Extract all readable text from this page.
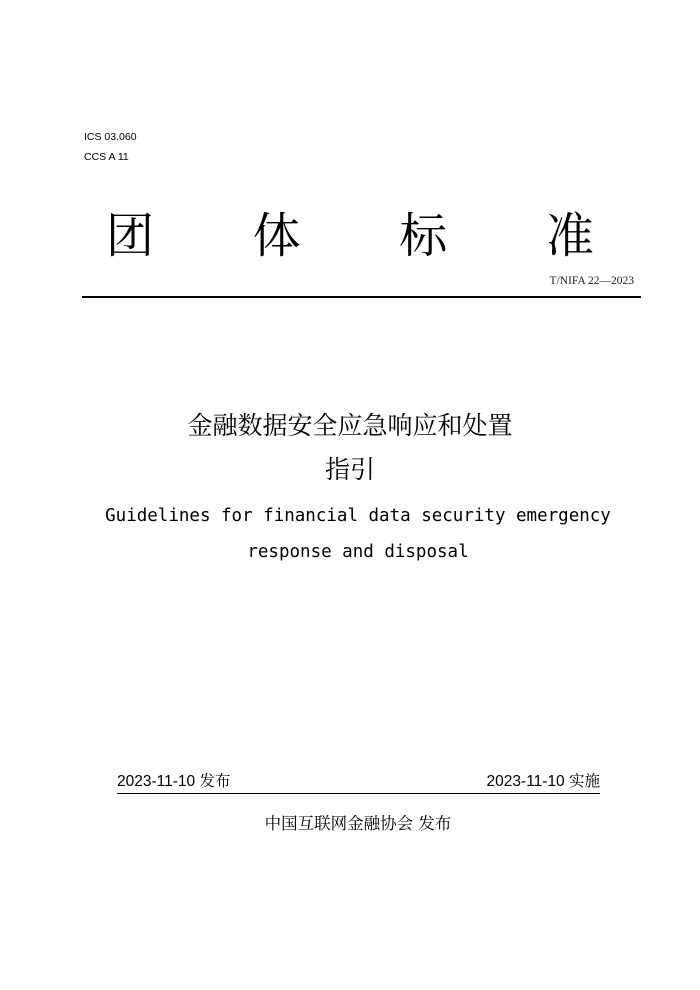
ICS 03.060
CCS A 11
团	体	标	准
T/NIFA 22—2023
金融数据安全应急响应和处置
指引
Guidelines for financial data security emergency
response and disposal
2023-11-10 发布	2023-11-10 实施
中国互联网金融协会 发布
